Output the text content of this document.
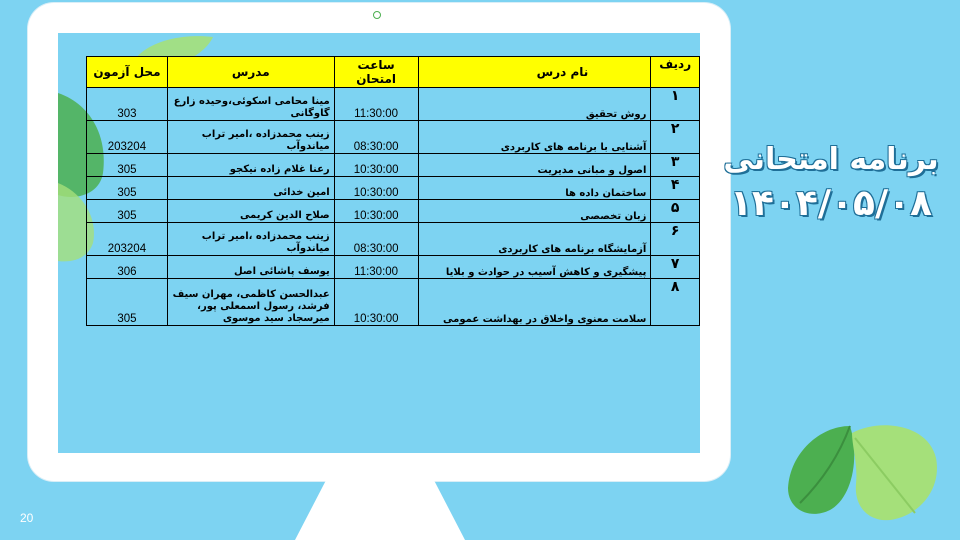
ردیف	نام درس	ساعت امتحان	مدرس	محل آزمون
۱	روش تحقیق	11:30:00	مینا محامی اسکوئی،وحیده زارع گاوگانی	303
۲	آشنایی با برنامه های کاربردی	08:30:00	زینب محمدزاده ،امیر تراب میاندوآب	203204
۳	اصول و مبانی مدیریت	10:30:00	رعنا غلام زاده نیکجو	305
۴	ساختمان داده ها	10:30:00	امین خدائی	305
۵	زبان تخصصی	10:30:00	صلاح الدین کریمی	305
۶	آزمایشگاه برنامه های کاربردی	08:30:00	زینب محمدزاده ،امیر تراب میاندوآب	203204
۷	پیشگیری و کاهش آسیب در حوادث و بلایا	11:30:00	یوسف پاشائی اصل	306
۸	سلامت معنوی واخلاق در بهداشت عمومی	10:30:00	عبدالحسن کاظمی، مهران سیف فرشد، رسول اسمعلی پور، میرسجاد سید موسوی	305
برنامه امتحانی
۱۴۰۴/۰۵/۰۸
20
